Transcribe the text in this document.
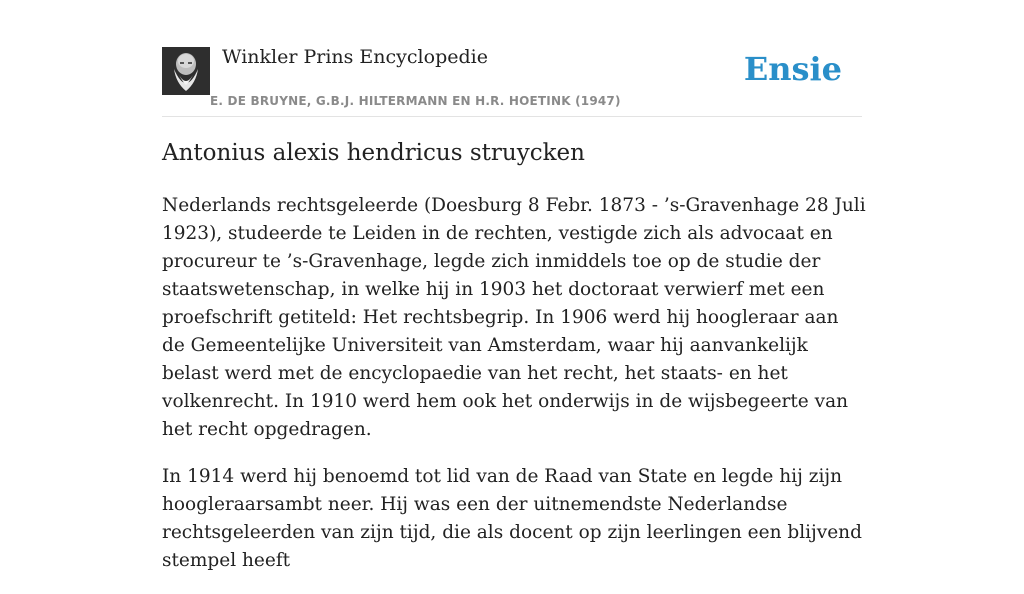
Winkler Prins Encyclopedie
E. DE BRUYNE, G.B.J. HILTERMANN EN H.R. HOETINK (1947)
Ensie
Antonius alexis hendricus struycken

Nederlands rechtsgeleerde (Doesburg 8 Febr. 1873 - ’s-Gravenhage 28 Juli 1923), studeerde te Leiden in de rechten, vestigde zich als advocaat en procureur te ’s-Gravenhage, legde zich inmiddels toe op de studie der staatswetenschap, in welke hij in 1903 het doctoraat verwierf met een proefschrift getiteld: Het rechtsbegrip. In 1906 werd hij hoogleraar aan de Gemeentelijke Universiteit van Amsterdam, waar hij aanvankelijk belast werd met de encyclopaedie van het recht, het staats- en het volkenrecht. In 1910 werd hem ook het onderwijs in de wijsbegeerte van het recht opgedragen.

In 1914 werd hij benoemd tot lid van de Raad van State en legde hij zijn hoogleraarsambt neer. Hij was een der uitnemendste Nederlandse rechtsgeleerden van zijn tijd, die als docent op zijn leerlingen een blijvend stempel heeft
